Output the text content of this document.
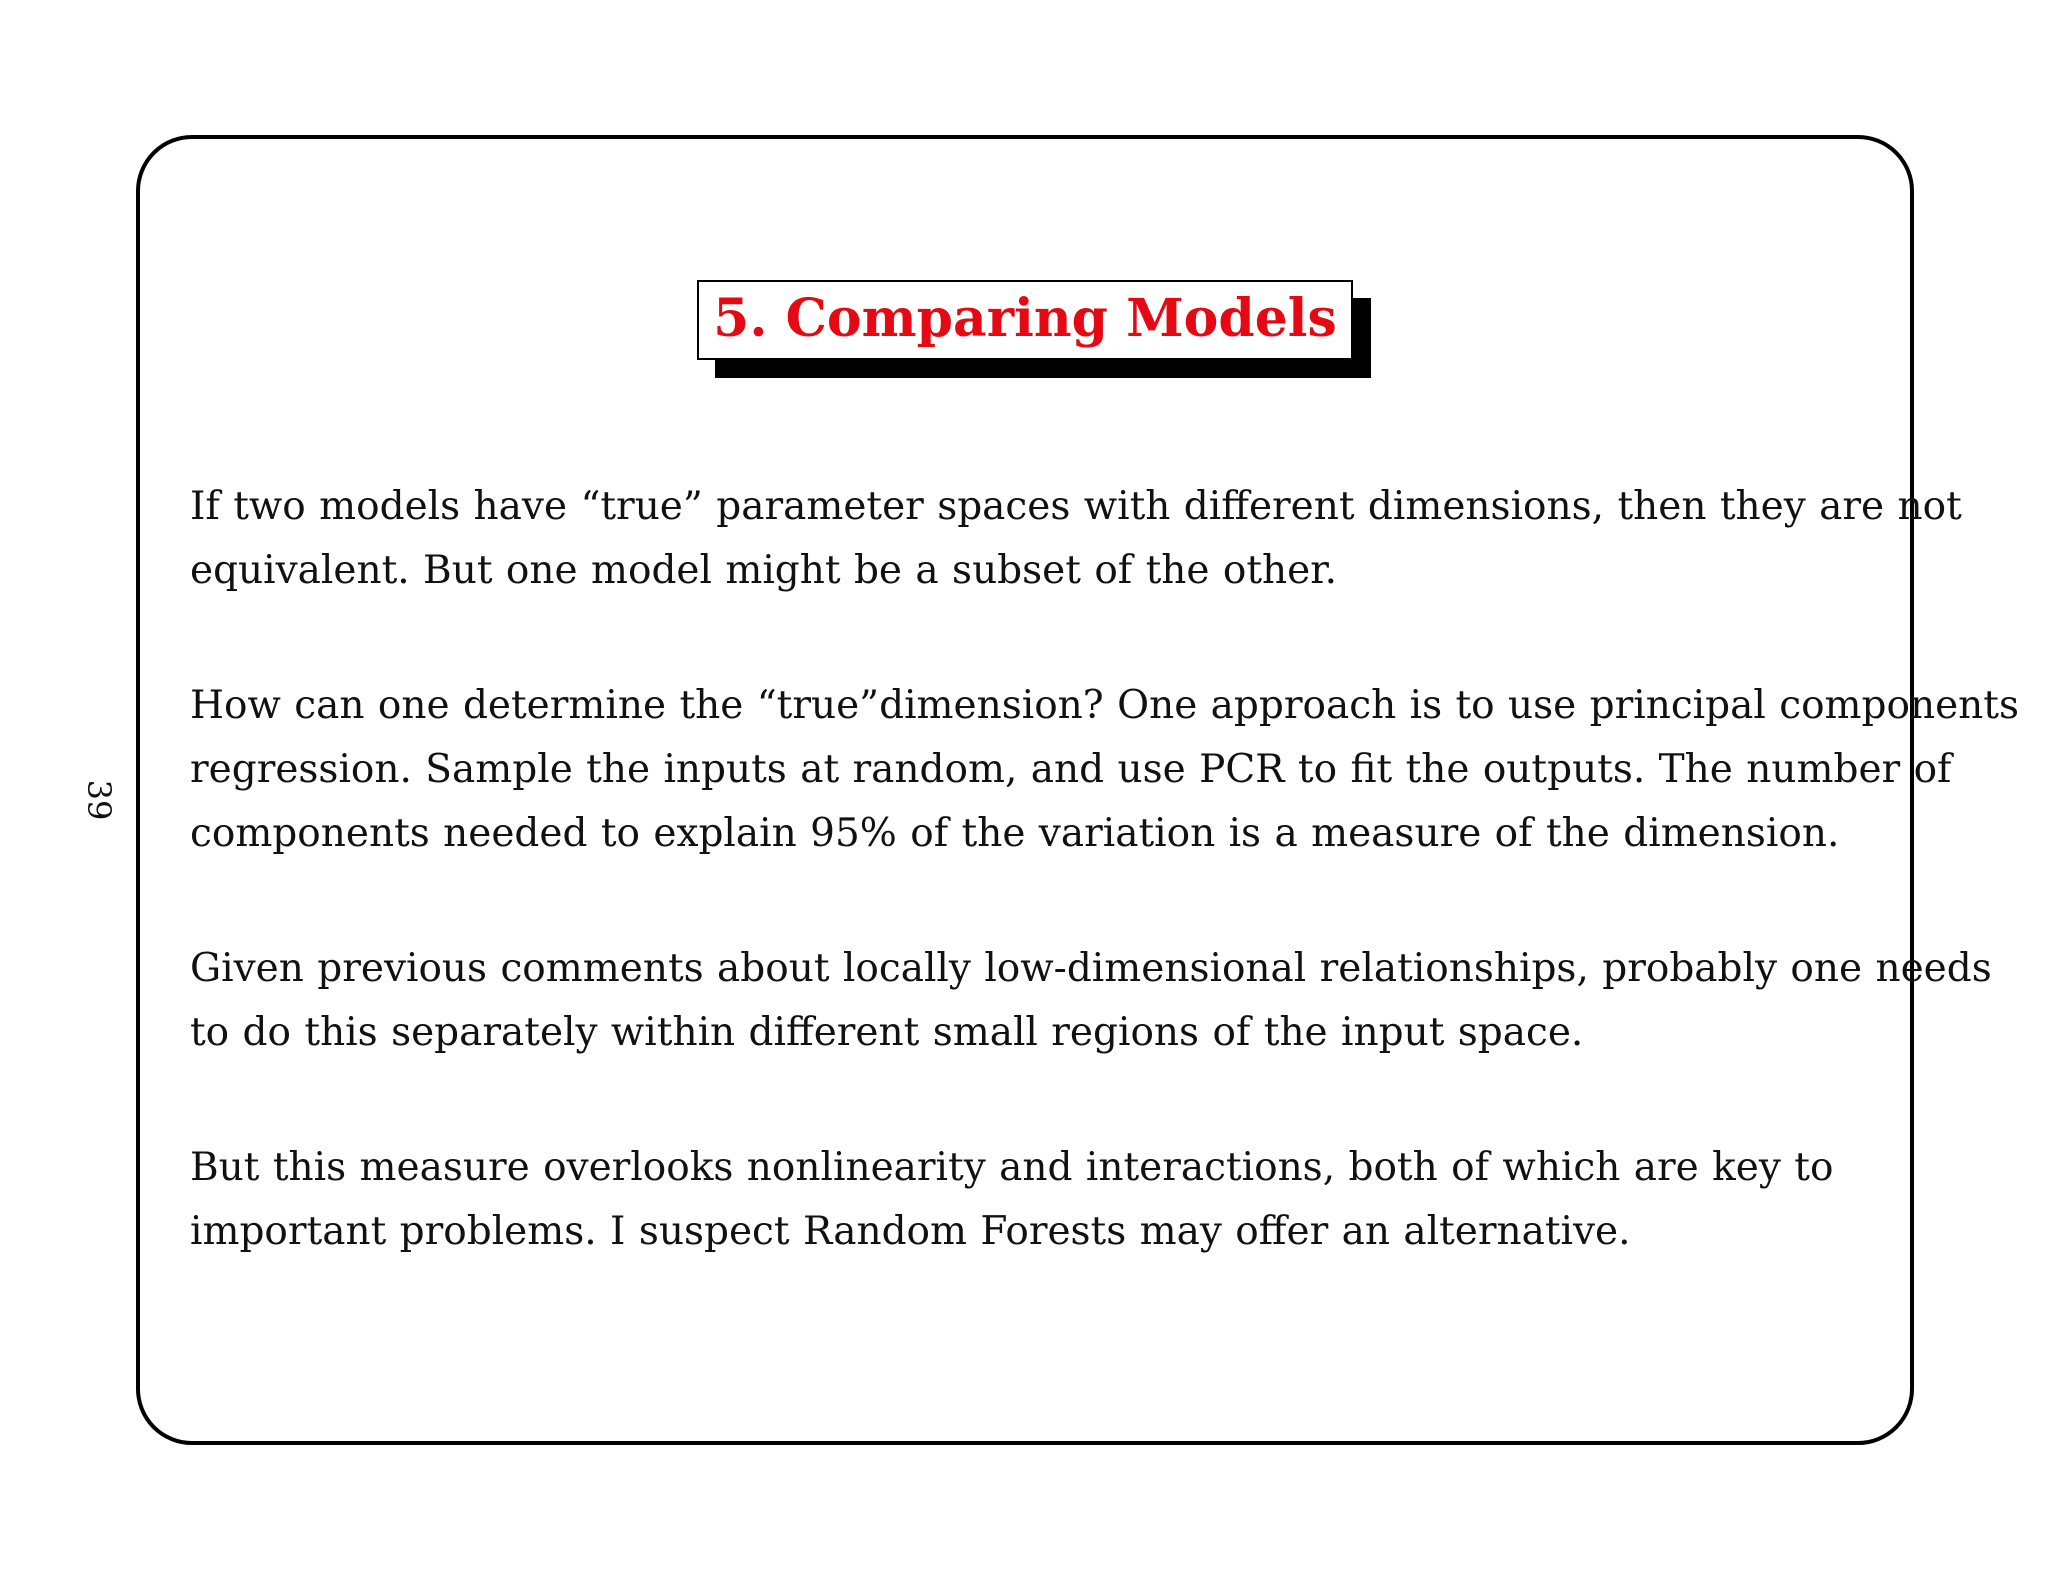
39
5. Comparing Models

If two models have “true” parameter spaces with different dimensions, then they are not equivalent. But one model might be a subset of the other.

How can one determine the “true”dimension? One approach is to use principal components regression. Sample the inputs at random, and use PCR to fit the outputs. The number of components needed to explain 95% of the variation is a measure of the dimension.

Given previous comments about locally low-dimensional relationships, probably one needs to do this separately within different small regions of the input space.

But this measure overlooks nonlinearity and interactions, both of which are key to important problems. I suspect Random Forests may offer an alternative.
